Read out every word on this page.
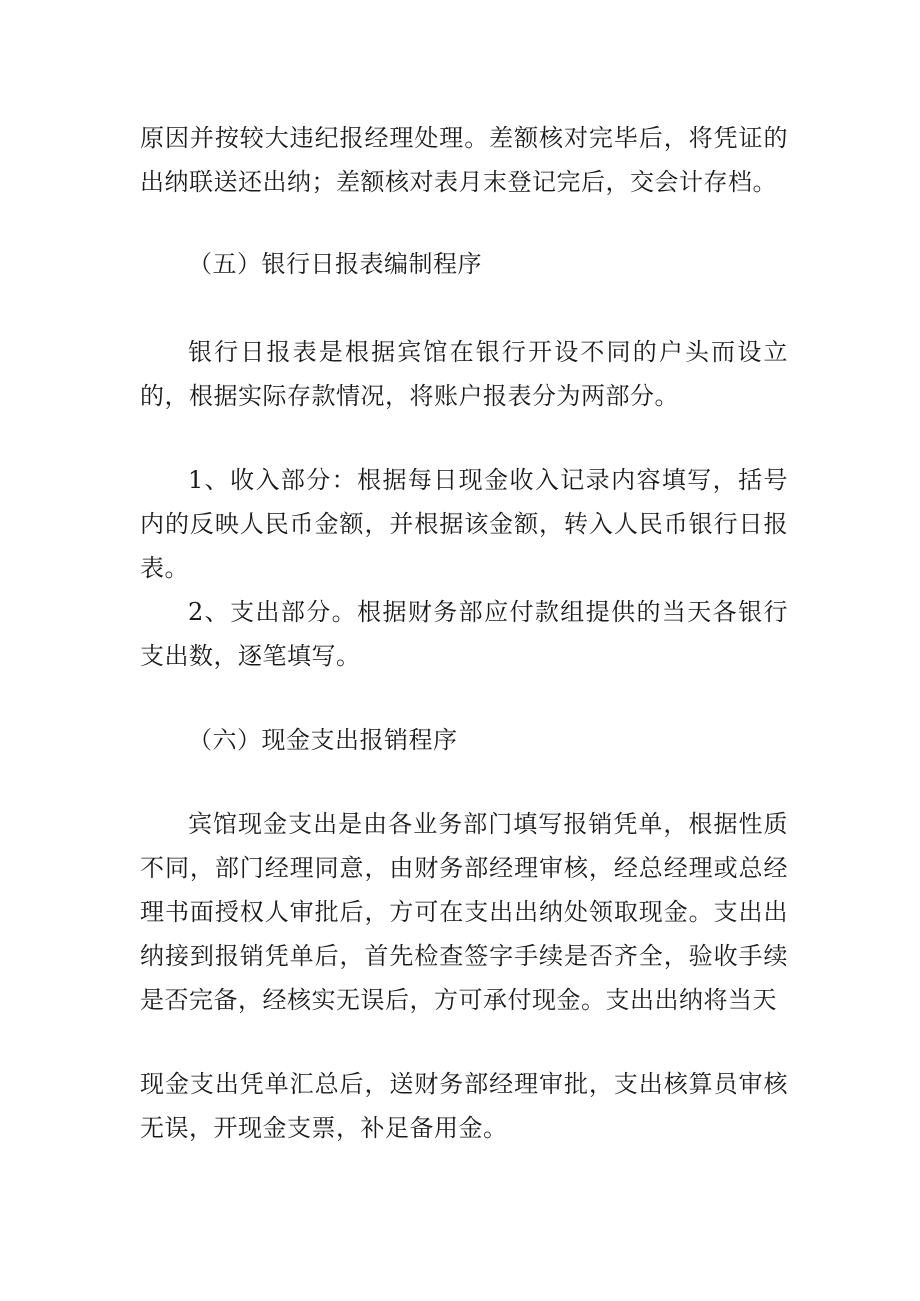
原因并按较大违纪报经理处理。差额核对完毕后，将凭证的出纳联送还出纳；差额核对表月末登记完后，交会计存档。

（五）银行日报表编制程序

银行日报表是根据宾馆在银行开设不同的户头而设立的，根据实际存款情况，将账户报表分为两部分。

1、收入部分：根据每日现金收入记录内容填写，括号内的反映人民币金额，并根据该金额，转入人民币银行日报表。

2、支出部分。根据财务部应付款组提供的当天各银行支出数，逐笔填写。

（六）现金支出报销程序

宾馆现金支出是由各业务部门填写报销凭单，根据性质不同，部门经理同意，由财务部经理审核，经总经理或总经理书面授权人审批后，方可在支出出纳处领取现金。支出出纳接到报销凭单后，首先检查签字手续是否齐全，验收手续是否完备，经核实无误后，方可承付现金。支出出纳将当天

现金支出凭单汇总后，送财务部经理审批，支出核算员审核无误，开现金支票，补足备用金。
